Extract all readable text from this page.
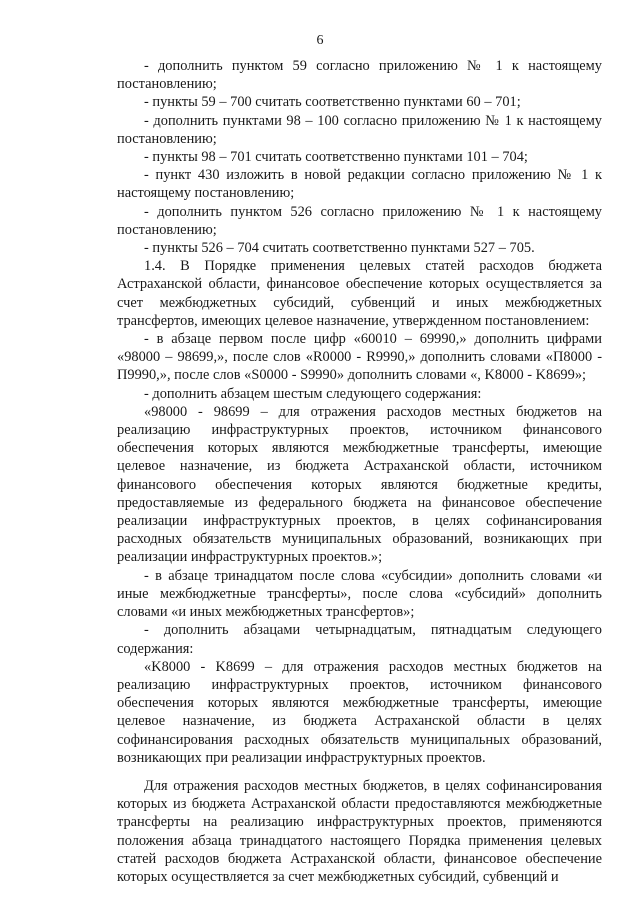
6

- дополнить пунктом 59 согласно приложению № 1 к настоящему постановлению;

- пункты 59 – 700 считать соответственно пунктами 60 – 701;

- дополнить пунктами 98 – 100 согласно приложению № 1 к настоящему постановлению;

- пункты 98 – 701 считать соответственно пунктами 101 – 704;

- пункт 430 изложить в новой редакции согласно приложению № 1 к настоящему постановлению;

- дополнить пунктом 526 согласно приложению № 1 к настоящему постановлению;

- пункты 526 – 704 считать соответственно пунктами 527 – 705.

1.4. В Порядке применения целевых статей расходов бюджета Астраханской области, финансовое обеспечение которых осуществляется за счет межбюджетных субсидий, субвенций и иных межбюджетных трансфертов, имеющих целевое назначение, утвержденном постановлением:

- в абзаце первом после цифр «60010 – 69990,» дополнить цифрами «98000 – 98699,», после слов «R0000 - R9990,» дополнить словами «П8000 - П9990,», после слов «S0000 - S9990» дополнить словами «, K8000 - K8699»;

- дополнить абзацем шестым следующего содержания:

«98000 - 98699 – для отражения расходов местных бюджетов на реализацию инфраструктурных проектов, источником финансового обеспечения которых являются межбюджетные трансферты, имеющие целевое назначение, из бюджета Астраханской области, источником финансового обеспечения которых являются бюджетные кредиты, предоставляемые из федерального бюджета на финансовое обеспечение реализации инфраструктурных проектов, в целях софинансирования расходных обязательств муниципальных образований, возникающих при реализации инфраструктурных проектов.»;

- в абзаце тринадцатом после слова «субсидии» дополнить словами «и иные межбюджетные трансферты», после слова «субсидий» дополнить словами «и иных межбюджетных трансфертов»;

- дополнить абзацами четырнадцатым, пятнадцатым следующего содержания:

«K8000 - K8699 – для отражения расходов местных бюджетов на реализацию инфраструктурных проектов, источником финансового обеспечения которых являются межбюджетные трансферты, имеющие целевое назначение, из бюджета Астраханской области в целях софинансирования расходных обязательств муниципальных образований, возникающих при реализации инфраструктурных проектов.

Для отражения расходов местных бюджетов, в целях софинансирования которых из бюджета Астраханской области предоставляются межбюджетные трансферты на реализацию инфраструктурных проектов, применяются положения абзаца тринадцатого настоящего Порядка применения целевых статей расходов бюджета Астраханской области, финансовое обеспечение которых осуществляется за счет межбюджетных субсидий, субвенций и
